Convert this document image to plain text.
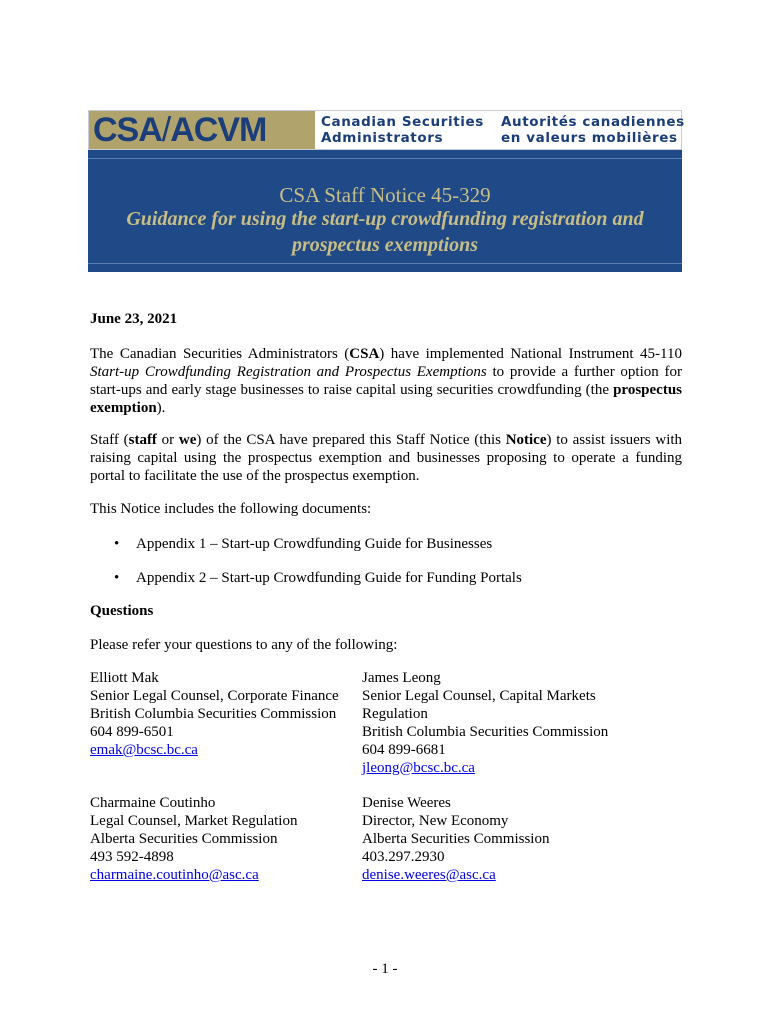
CSA/ACVM	Canadian Securities
Administrators
Autorités canadiennes
en valeurs mobilières
CSA Staff Notice 45-329
Guidance for using the start-up crowdfunding registration and
prospectus exemptions
June 23, 2021
The Canadian Securities Administrators (CSA) have implemented National Instrument 45-110 Start-up Crowdfunding Registration and Prospectus Exemptions to provide a further option for start-ups and early stage businesses to raise capital using securities crowdfunding (the prospectus exemption).
Staff (staff or we) of the CSA have prepared this Staff Notice (this Notice) to assist issuers with raising capital using the prospectus exemption and businesses proposing to operate a funding portal to facilitate the use of the prospectus exemption.
This Notice includes the following documents:
• Appendix 1 – Start-up Crowdfunding Guide for Businesses
• Appendix 2 – Start-up Crowdfunding Guide for Funding Portals
Questions
Please refer your questions to any of the following:
Elliott Mak
Senior Legal Counsel, Corporate Finance
British Columbia Securities Commission
604 899-6501
emak@bcsc.bc.ca
James Leong
Senior Legal Counsel, Capital Markets
Regulation
British Columbia Securities Commission
604 899-6681
jleong@bcsc.bc.ca
Charmaine Coutinho
Legal Counsel, Market Regulation
Alberta Securities Commission
493 592-4898
charmaine.coutinho@asc.ca
Denise Weeres
Director, New Economy
Alberta Securities Commission
403.297.2930
denise.weeres@asc.ca
- 1 -
